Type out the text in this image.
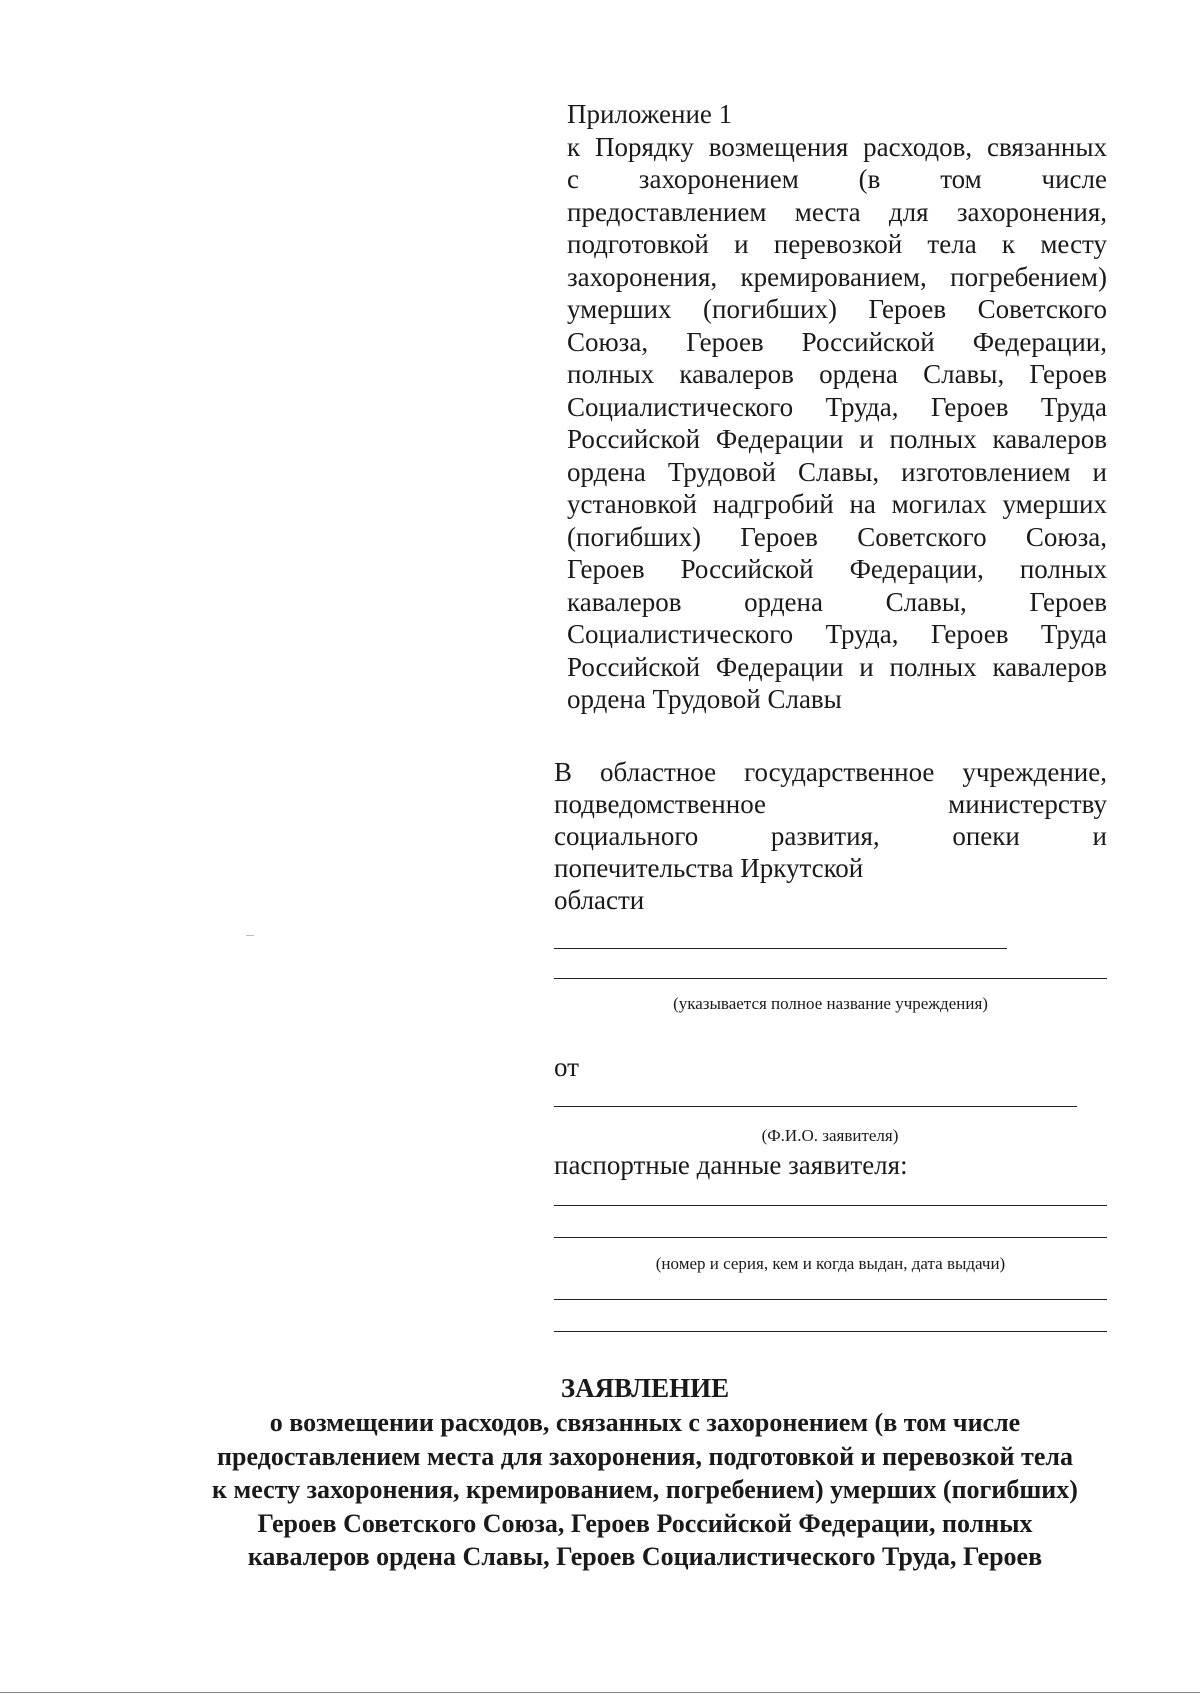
Приложение 1
к Порядку возмещения расходов, связанных
с захоронением (в том числе
предоставлением места для захоронения,
подготовкой и перевозкой тела к месту
захоронения, кремированием, погребением)
умерших (погибших) Героев Советского
Союза, Героев Российской Федерации,
полных кавалеров ордена Славы, Героев
Социалистического Труда, Героев Труда
Российской Федерации и полных кавалеров
ордена Трудовой Славы, изготовлением и
установкой надгробий на могилах умерших
(погибших) Героев Советского Союза,
Героев Российской Федерации, полных
кавалеров ордена Славы, Героев
Социалистического Труда, Героев Труда
Российской Федерации и полных кавалеров
ордена Трудовой Славы
В областное государственное учреждение,
подведомственное министерству
социального развития, опеки и
попечительства Иркутской
области
(указывается полное название учреждения)
от
(Ф.И.О. заявителя)
паспортные данные заявителя:
(номер и серия, кем и когда выдан, дата выдачи)
ЗАЯВЛЕНИЕ
о возмещении расходов, связанных с захоронением (в том числе
предоставлением места для захоронения, подготовкой и перевозкой тела
к месту захоронения, кремированием, погребением) умерших (погибших)
Героев Советского Союза, Героев Российской Федерации, полных
кавалеров ордена Славы, Героев Социалистического Труда, Героев
